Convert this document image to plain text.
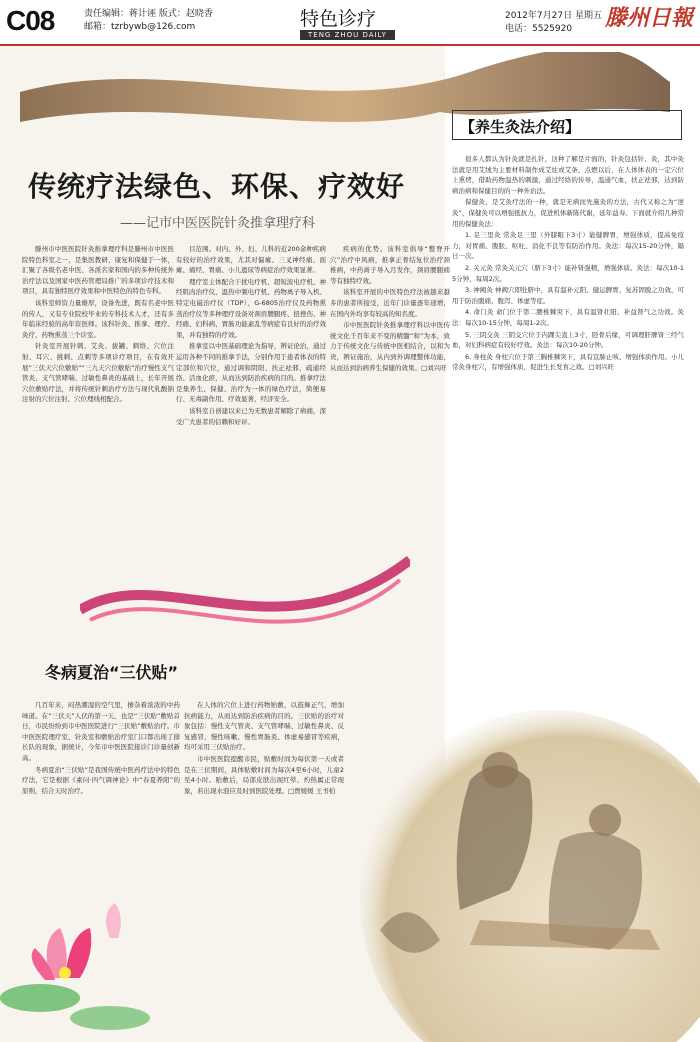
C08	责任编辑：蒋计诬 版式：赵晓香
邮箱：tzrbywb@126.com	特色诊疗
TENG ZHOU DAILY
2012年7月27日 星期五
电话：5525920	滕州日報
传统疗法绿色、环保、疗效好
——记市中医医院针灸推拿理疗科

滕州市中医医院针灸推拿理疗科是滕州市中医医院特色科室之一，是集医教研、康复和保健于一体，汇聚了各级名老中医、各派名家和国内的多种传统外治疗法以及国家中医药管理局推广的多项诊疗技术和项目，具有独特医疗效果和中医特色的特色专科。

该科室师资力量雄厚，设备先进，既有名老中医的传人，又有专业院校毕业的专科技术人才，还有多年临床经验的高年资医师。该科针灸、推拿、理疗、灸疗、药物熏蒸三个诊室。

针灸室开展针刺、艾灸、拔罐、刺络、穴位注射、耳穴、挑刺、点刺等多项诊疗项目，在有效开展“三伏天穴位敷贴”“三九天穴位敷贴”治疗慢性支气管炎、支气管哮喘、过敏性鼻炎的基础上，长年开展穴位敷贴疗法，并将传统针刺治疗方法与现代乳酸钠注射的穴位注射、穴位埋线相配合。

目范围。对内、外、妇、儿科的近200余种疾病有较好的治疗效果，尤其对偏瘫、三叉神经痛、面瘫、痛经、胃痛、小儿遗尿等病症治疗效果显著。

理疗室主体配合干扰电疗机、超短波电疗机、神经肌肉治疗仪、温热中频电疗机、药物离子导入机、特定电磁治疗仪（TDP）、G-6805治疗仪及药物熏蒸治疗仪等多种理疗设备对颈肩腰腿疼、扭挫伤、神经痛、妇科病、胃肠功能紊乱等病症有良好的治疗效果，并有独特的疗效。

推拿室以中医基础理论为指导，辨证论治，通过运用各种不同的推拿手法，分别作用于患者体表的特定部位和穴位，通过调和阴阳、扶正祛邪、疏通经络、活血化瘀，从而达到防治疾病的目的。推拿疗法是集养生、保健、治疗为一体的绿色疗法，简便易行、无毒副作用、疗效显著、经济安全。

该科室自创建以来已为无数患者解除了病痛，深受广大患者的信赖和好评。

疾病的优势。该科室倡导“整脊开穴”治疗中风病，推拿正骨结复位治疗颈椎病，中药离子导入月发作，颈肩腰腿痛等有独特疗效。

该科室开展的中医特色疗法被越来越多的患者所接受，近年门诊量逐年递增，在国内外均享有较高的知名度。

市中医医院针灸推拿理疗科以中医传统文化千百年来不变的精髓“和”为本，致力于传统文化与传统中医相结合，以和为贵，辨证施治，从内到外调理整体功能，从而达到治病养生保健的效果。□刘兴旺

冬病夏治“三伏贴”

几百年来，闷热潮湿的空气里，掺杂着浓浓的中药味道。在“三伏天”人伏的第一天，也是“三伏贴”敷贴首日，市民纷纷到市中医医院进行“三伏贴”敷贴治疗。市中医医院理疗室、针灸室和敷贴治疗室门口都出现了排长队的现象，据统计，今年市中医医院接诊门诊量创新高。

冬病夏治“三伏贴”是我国传统中医药疗法中的特色疗法，它是根据《素问·四气调神论》中“春夏养阳”的原则，结合天时治疗。

在人体的穴位上进行药物贴敷，以鼓舞正气，增加抗病能力，从而达到防治疾病的目的。三伏贴的治疗对象包括：慢性支气管炎、支气管哮喘、过敏性鼻炎、反复感冒、慢性咳嗽、慢性胃肠炎、体虚易感冒等疾病，均可采用三伏贴治疗。

市中医医院提醒市民，贴敷时间为每伏第一天或者是在三伏期间，具体贴敷时间为每次4至6小时，儿童2至4小时。贴敷后，局部皮肤出现红晕、灼热属正常现象，若出现水泡应及时到医院处理。□贾媛媛 王书柏

【养生灸法介绍】

很多人都认为针灸就是扎针，这种了解是片面的，针灸包括针、灸，其中灸法就是用艾绒为主要材料制作成艾炷或艾条，点燃以后，在人体体表的一定穴位上熏烤，借助药物温热的刺激，通过经络的传导，温通气血，扶正祛邪，达到防病治病和保健目的的一种外治法。

保健灸，是艾灸疗法的一种，就是无病而先施灸的方法，古代又称之为“逆灸”，保健灸可以增强抵抗力，促进机体新陈代谢，延年益寿。下面就介绍几种常用的保健灸法：

1. 足三里灸 常灸足三里（外膝眼下3寸）能健脾胃，增强体质，提高免疫力，对胃痛、腹胀、呕吐、消化不良等有防治作用。灸法：每次15-20分钟，隔日一次。

2. 关元灸 常灸关元穴（脐下3寸）能补肾强精，增强体质。灸法：每次10-15分钟，每周2次。

3. 神阙灸 神阙穴即肚脐中，具有温补元阳、健运脾胃、复苏固脱之功效，可用于防治腹痛、腹泻、体虚等症。

4. 命门灸 命门位于第二腰椎棘突下，具有温肾壮阳、补益肾气之功效。灸法：每次10-15分钟，每周1-2次。

5. 三阴交灸 三阴交穴位于内踝尖直上3寸，胫骨后缘，可调理肝脾肾三经气血，对妇科病症有较好疗效。灸法：每次10-20分钟。

6. 身柱灸 身柱穴位于第三胸椎棘突下，具有宣肺止咳、增强体质作用。小儿常灸身柱穴，有增强体质、促进生长发育之效。□刘兴旺
